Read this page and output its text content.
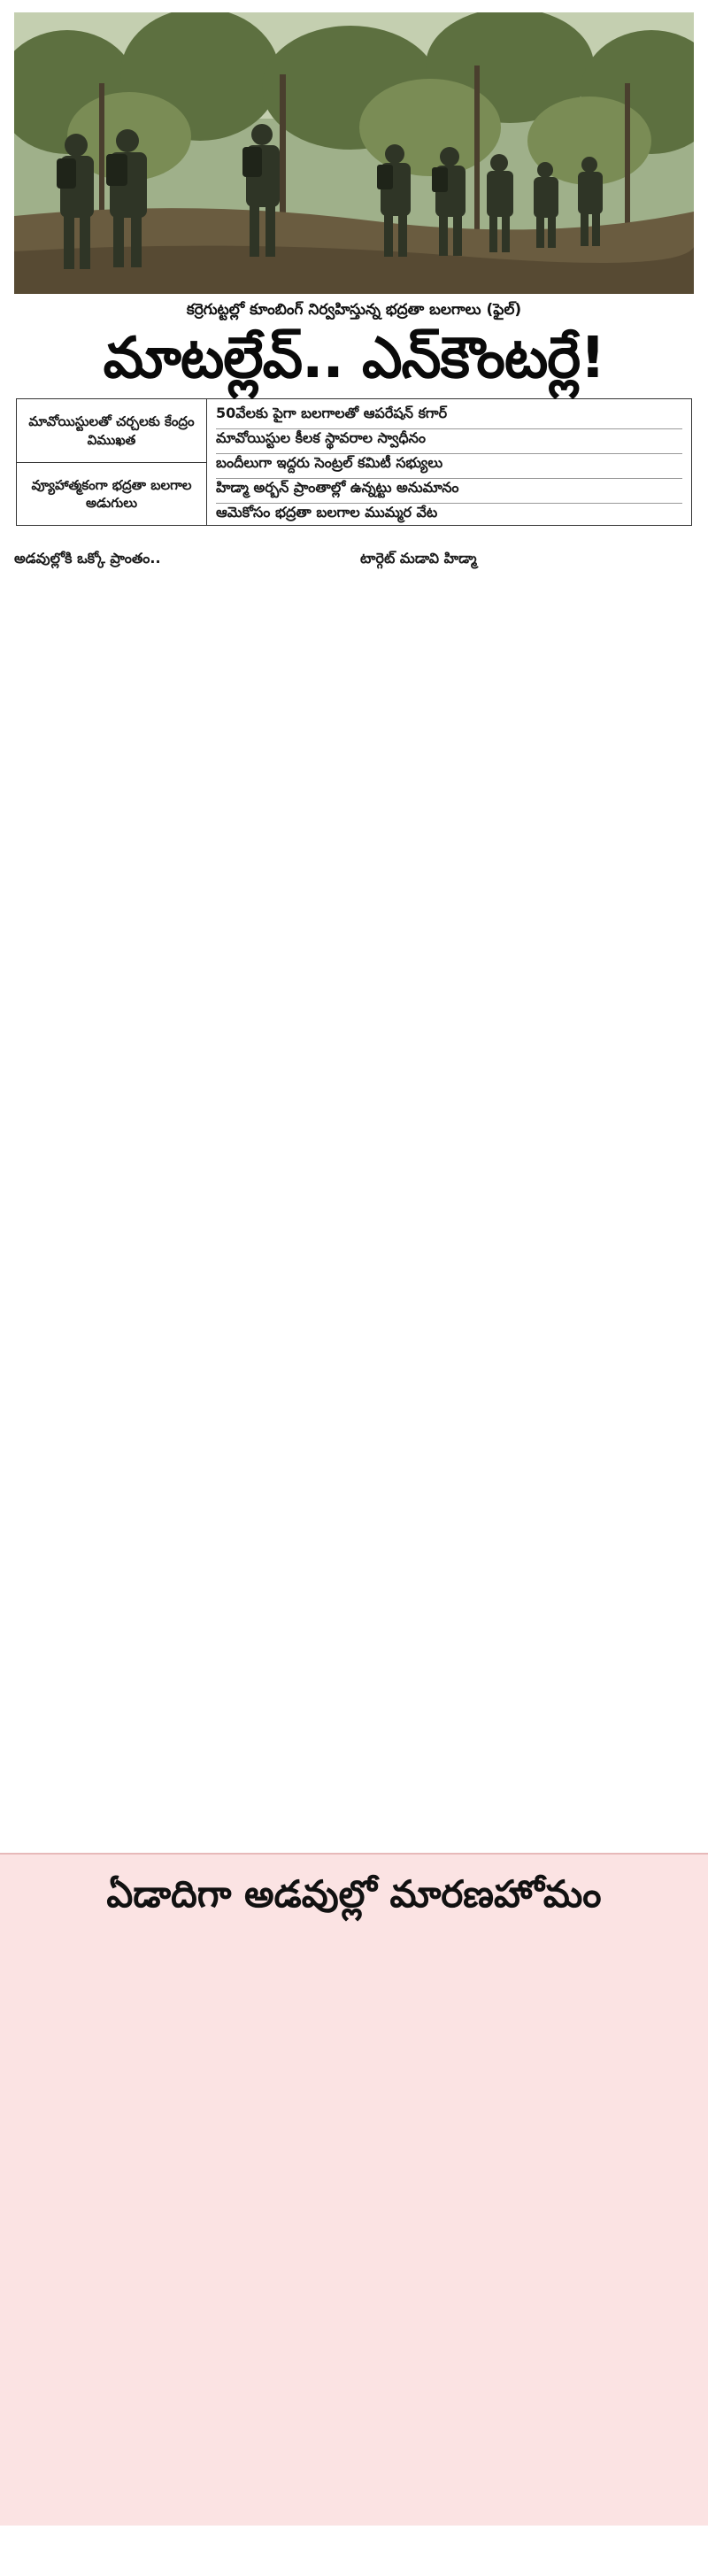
కర్రెగుట్టల్లో కూంబింగ్ నిర్వహిస్తున్న భద్రతా బలగాలు (ఫైల్)
మాటల్లేవ్.. ఎన్‌కౌంటర్లే!
మావోయిస్టులతో చర్చలకు కేంద్రం విముఖత
వ్యూహాత్మకంగా భద్రతా బలగాల అడుగులు
50వేలకు పైగా బలగాలతో ఆపరేషన్ కగార్
మావోయిస్టుల కీలక స్థావరాల స్వాధీనం
బందీలుగా ఇద్దరు సెంట్రల్ కమిటీ సభ్యులు
హిడ్మా అర్బన్ ప్రాంతాల్లో ఉన్నట్టు అనుమానం
ఆమెకోసం భద్రతా బలగాల ముమ్మర వేట

అడవుల్లోకి ఒక్కో ప్రాంతం..	టార్గెట్ మడావి హిడ్మా

ఏడాదిగా అడవుల్లో మారణహోమం
